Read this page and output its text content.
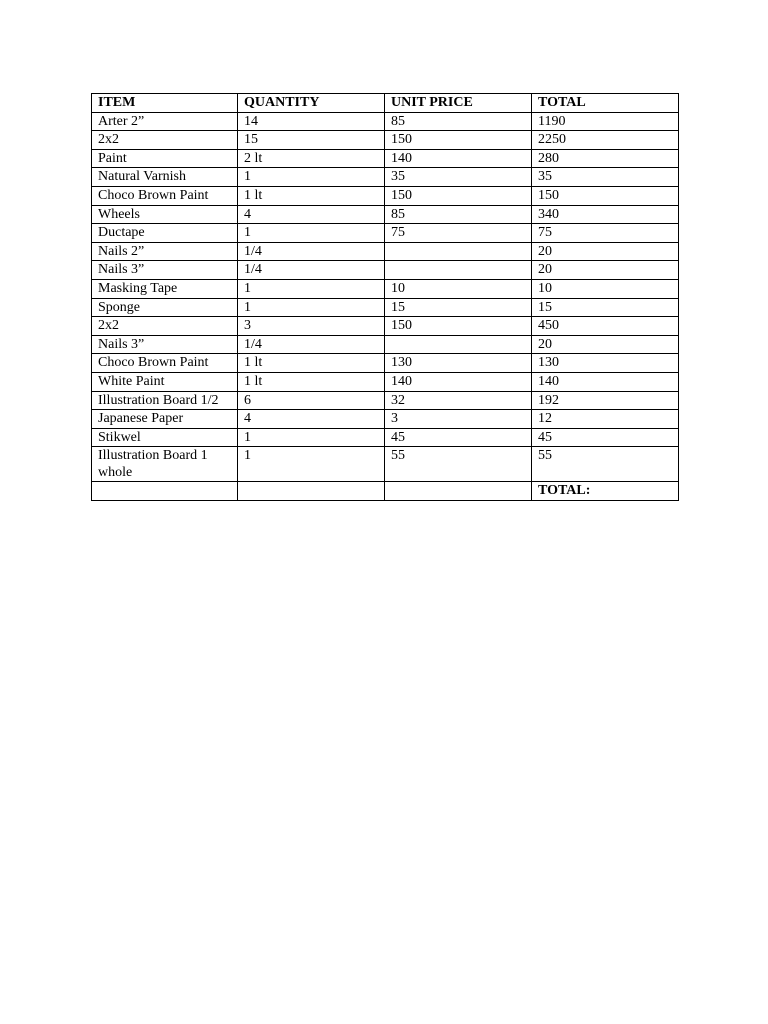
ITEM	QUANTITY	UNIT PRICE	TOTAL
Arter 2”	14	85	1190
2x2	15	150	2250
Paint	2 lt	140	280
Natural Varnish	1	35	35
Choco Brown Paint	1 lt	150	150
Wheels	4	85	340
Ductape	1	75	75
Nails 2”	1/4		20
Nails 3”	1/4		20
Masking Tape	1	10	10
Sponge	1	15	15
2x2	3	150	450
Nails 3”	1/4		20
Choco Brown Paint	1 lt	130	130
White Paint	1 lt	140	140
Illustration Board 1/2	6	32	192
Japanese Paper	4	3	12
Stikwel	1	45	45
Illustration Board 1 whole	1	55	55
			TOTAL:
